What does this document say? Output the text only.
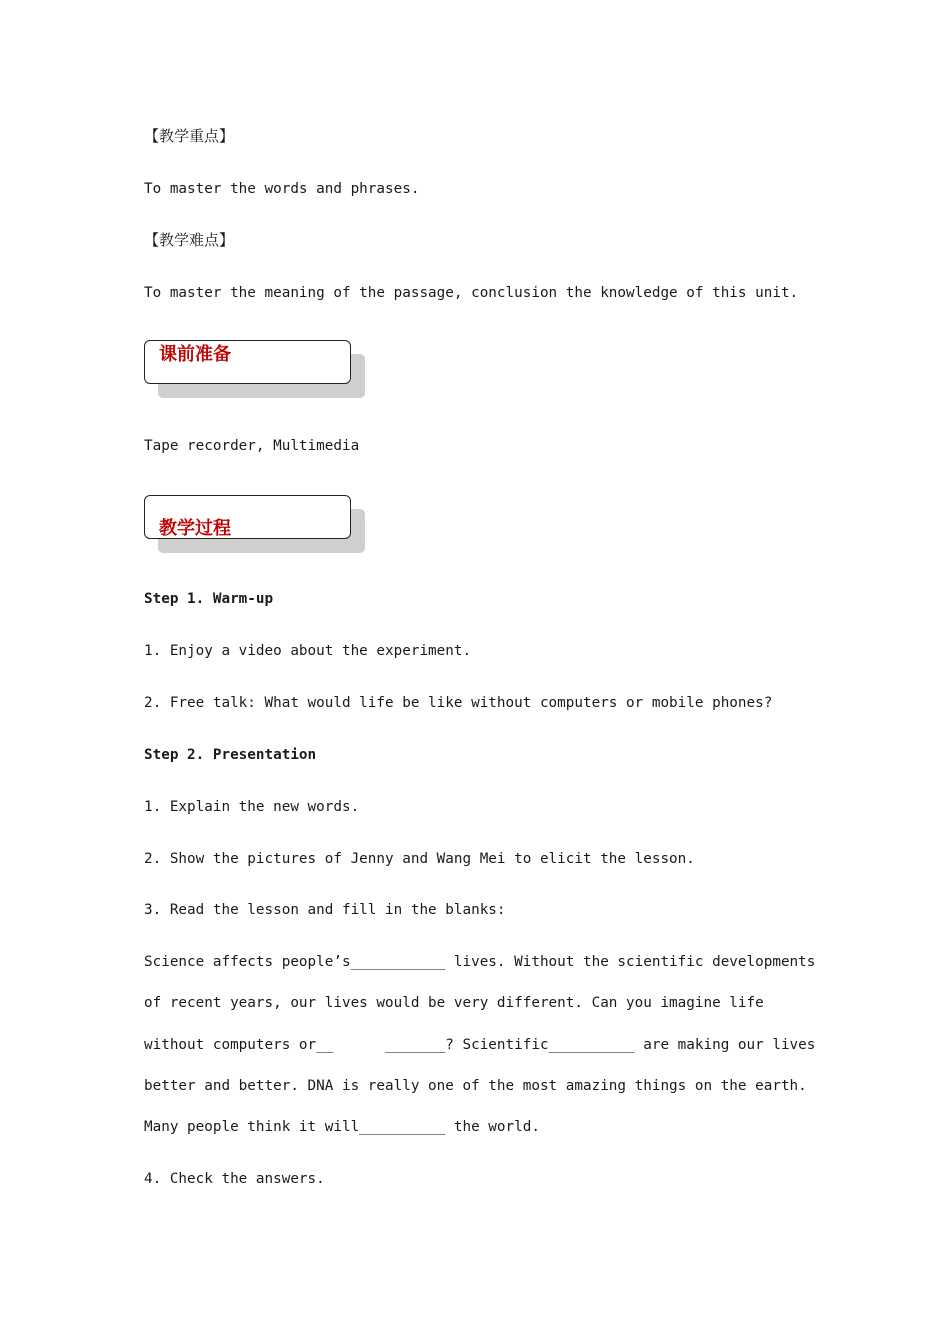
【教学重点】
To master the words and phrases.
【教学难点】
To master the meaning of the passage, conclusion the knowledge of this unit.
课前准备
Tape recorder, Multimedia
教学过程
Step 1. Warm-up
1. Enjoy a video about the experiment.
2. Free talk: What would life be like without computers or mobile phones?
Step 2. Presentation
1. Explain the new words.
2. Show the pictures of Jenny and Wang Mei to elicit the lesson.
3. Read the lesson and fill in the blanks:
Science affects people’s___________ lives. Without the scientific developments
of recent years, our lives would be very different. Can you imagine life
without computers or__      _______? Scientific__________ are making our lives
better and better. DNA is really one of the most amazing things on the earth.
Many people think it will__________ the world.
4. Check the answers.
